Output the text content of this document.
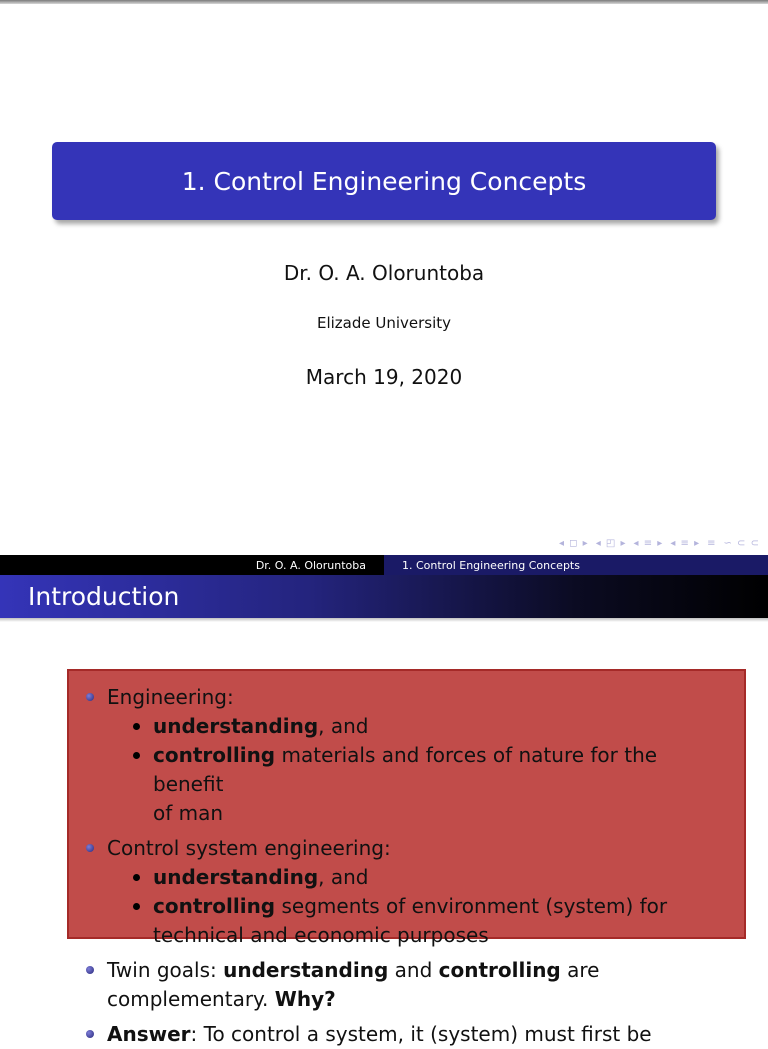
1. Control Engineering Concepts
Dr. O. A. Oloruntoba
Elizade University
March 19, 2020
◂ ◻ ▸ ◂ ◰ ▸ ◂ ≡ ▸ ◂ ≡ ▸ ≡ ∽ ⊂ ⊂
Dr. O. A. Oloruntoba	1. Control Engineering Concepts
Introduction
Engineering:
understanding, and
controlling materials and forces of nature for the benefit
of man
Control system engineering:
understanding, and
controlling segments of environment (system) for
technical and economic purposes
Twin goals: understanding and controlling are
complementary. Why?
Answer: To control a system, it (system) must first be
